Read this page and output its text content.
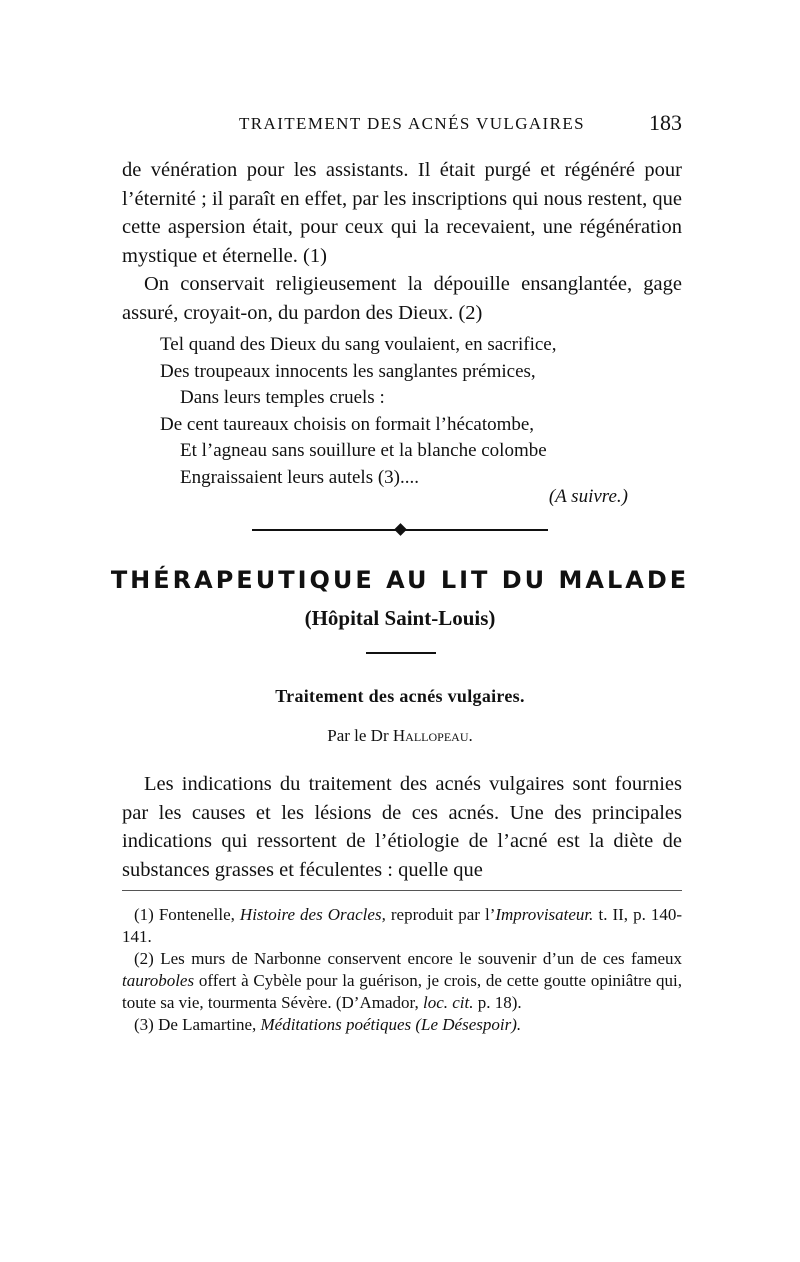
TRAITEMENT DES ACNÉS VULGAIRES	183

de vénération pour les assistants. Il était purgé et régénéré pour l’éternité ; il paraît en effet, par les inscriptions qui nous restent, que cette aspersion était, pour ceux qui la recevaient, une régénération mystique et éternelle. (1)

On conservait religieusement la dépouille ensanglantée, gage assuré, croyait-on, du pardon des Dieux. (2)

Tel quand des Dieux du sang voulaient, en sacrifice,
Des troupeaux innocents les sanglantes prémices,
Dans leurs temples cruels :
De cent taureaux choisis on formait l’hécatombe,
Et l’agneau sans souillure et la blanche colombe
Engraissaient leurs autels (3)....
(A suivre.)
THÉRAPEUTIQUE AU LIT DU MALADE
(Hôpital Saint-Louis)
Traitement des acnés vulgaires.
Par le Dr Hallopeau.

Les indications du traitement des acnés vulgaires sont fournies par les causes et les lésions de ces acnés. Une des principales indications qui ressortent de l’étiologie de l’acné est la diète de substances grasses et féculentes : quelle que

(1) Fontenelle, Histoire des Oracles, reproduit par l’Improvisateur. t. II, p. 140-141.

(2) Les murs de Narbonne conservent encore le souvenir d’un de ces fameux tauroboles offert à Cybèle pour la guérison, je crois, de cette goutte opiniâtre qui, toute sa vie, tourmenta Sévère. (D’Amador, loc. cit. p. 18).

(3) De Lamartine, Méditations poétiques (Le Désespoir).
